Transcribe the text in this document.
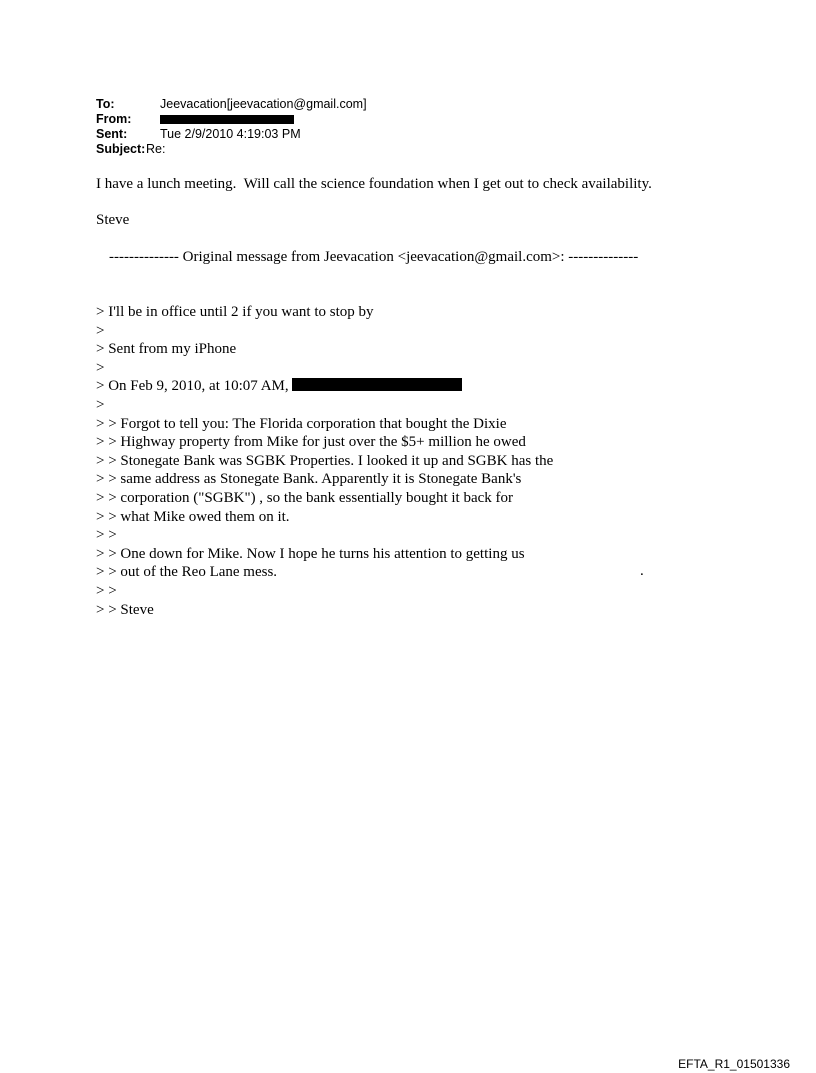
To:	Jeevacation[jeevacation@gmail.com]
From:
Sent:	Tue 2/9/2010 4:19:03 PM
Subject: Re:
I have a lunch meeting.  Will call the science foundation when I get out to check availability.
Steve
-------------- Original message from Jeevacation <jeevacation@gmail.com>: --------------
> I'll be in office until 2 if you want to stop by
>
> Sent from my iPhone
>
> On Feb 9, 2010, at 10:07 AM,
>
> > Forgot to tell you: The Florida corporation that bought the Dixie
> > Highway property from Mike for just over the $5+ million he owed
> > Stonegate Bank was SGBK Properties. I looked it up and SGBK has the
> > same address as Stonegate Bank. Apparently it is Stonegate Bank's
> > corporation ("SGBK") , so the bank essentially bought it back for
> > what Mike owed them on it.
> >
> > One down for Mike. Now I hope he turns his attention to getting us
> > out of the Reo Lane mess.
> >
> > Steve
.
EFTA_R1_01501336
